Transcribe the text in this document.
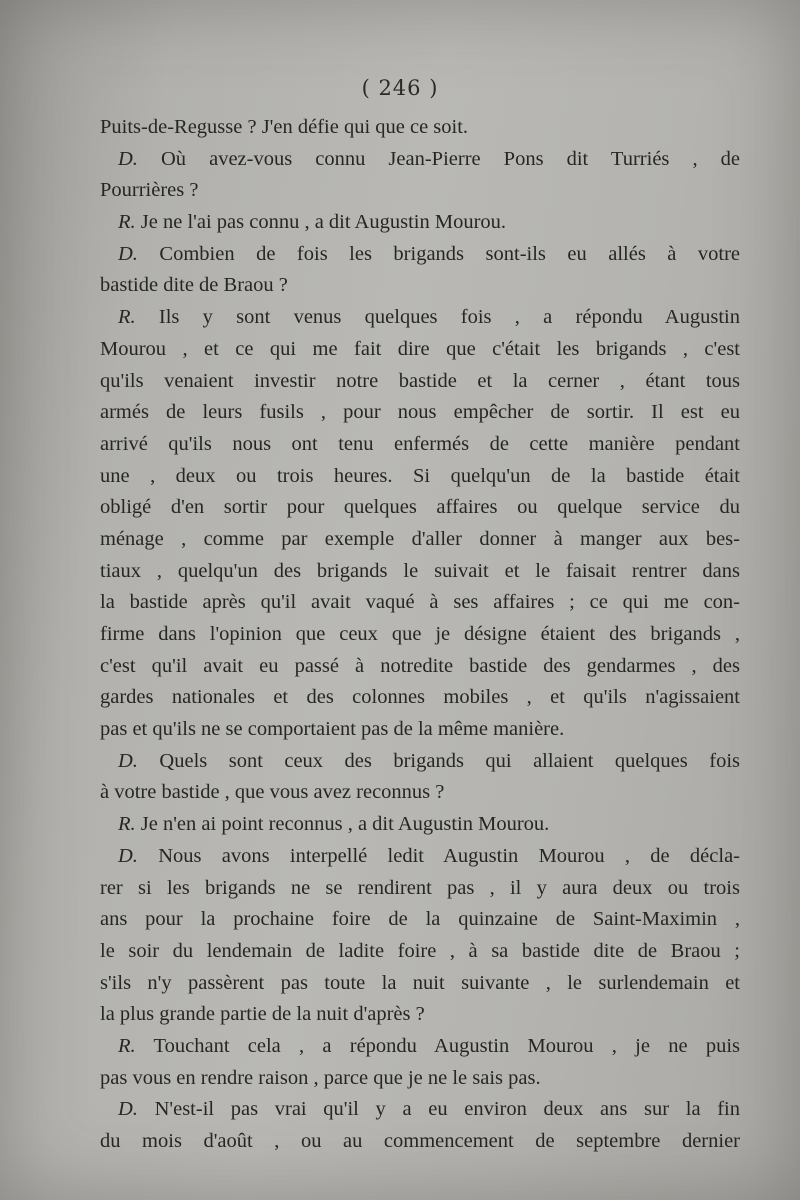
( 246 )
Puits-de-Regusse ? J'en défie qui que ce soit.
D. Où avez-vous connu Jean-Pierre Pons dit Turriés , de
Pourrières ?
R. Je ne l'ai pas connu , a dit Augustin Mourou.
D. Combien de fois les brigands sont-ils eu allés à votre
bastide dite de Braou ?
R. Ils y sont venus quelques fois , a répondu Augustin
Mourou , et ce qui me fait dire que c'était les brigands , c'est
qu'ils venaient investir notre bastide et la cerner , étant tous
armés de leurs fusils , pour nous empêcher de sortir. Il est eu
arrivé qu'ils nous ont tenu enfermés de cette manière pendant
une , deux ou trois heures. Si quelqu'un de la bastide était
obligé d'en sortir pour quelques affaires ou quelque service du
ménage , comme par exemple d'aller donner à manger aux bes-
tiaux , quelqu'un des brigands le suivait et le faisait rentrer dans
la bastide après qu'il avait vaqué à ses affaires ; ce qui me con-
firme dans l'opinion que ceux que je désigne étaient des brigands ,
c'est qu'il avait eu passé à notredite bastide des gendarmes , des
gardes nationales et des colonnes mobiles , et qu'ils n'agissaient
pas et qu'ils ne se comportaient pas de la même manière.
D. Quels sont ceux des brigands qui allaient quelques fois
à votre bastide , que vous avez reconnus ?
R. Je n'en ai point reconnus , a dit Augustin Mourou.
D. Nous avons interpellé ledit Augustin Mourou , de décla-
rer si les brigands ne se rendirent pas , il y aura deux ou trois
ans pour la prochaine foire de la quinzaine de Saint-Maximin ,
le soir du lendemain de ladite foire , à sa bastide dite de Braou ;
s'ils n'y passèrent pas toute la nuit suivante , le surlendemain et
la plus grande partie de la nuit d'après ?
R. Touchant cela , a répondu Augustin Mourou , je ne puis
pas vous en rendre raison , parce que je ne le sais pas.
D. N'est-il pas vrai qu'il y a eu environ deux ans sur la fin
du mois d'août , ou au commencement de septembre dernier
